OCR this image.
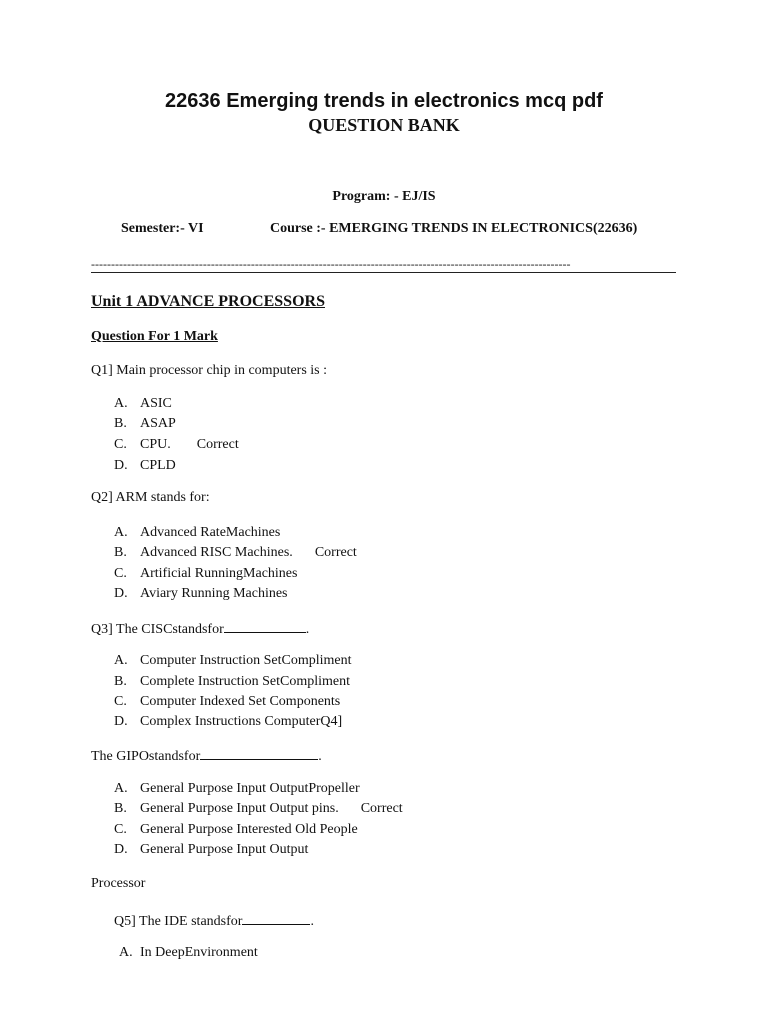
22636 Emerging trends in electronics mcq pdf
QUESTION BANK
Program: - EJ/IS
Semester:- VI	Course :- EMERGING TRENDS IN ELECTRONICS(22636)
------------------------------------------------------------------------------------------------------------------------
Unit 1 ADVANCE PROCESSORS
Question For 1 Mark
Q1] Main processor chip in computers is :
A. ASIC
B. ASAP
C. CPU. Correct
D. CPLD
Q2] ARM stands for:
A. Advanced RateMachines
B. Advanced RISC Machines. Correct
C. Artificial RunningMachines
D. Aviary Running Machines
Q3] The CISCstandsfor	.
A. Computer Instruction SetCompliment
B. Complete Instruction SetCompliment
C. Computer Indexed Set Components
D. Complex Instructions ComputerQ4]
The GIPOstandsfor	.
A. General Purpose Input OutputPropeller
B. General Purpose Input Output pins. Correct
C. General Purpose Interested Old People
D. General Purpose Input Output
Processor
Q5] The IDE standsfor	.
A. In DeepEnvironment
